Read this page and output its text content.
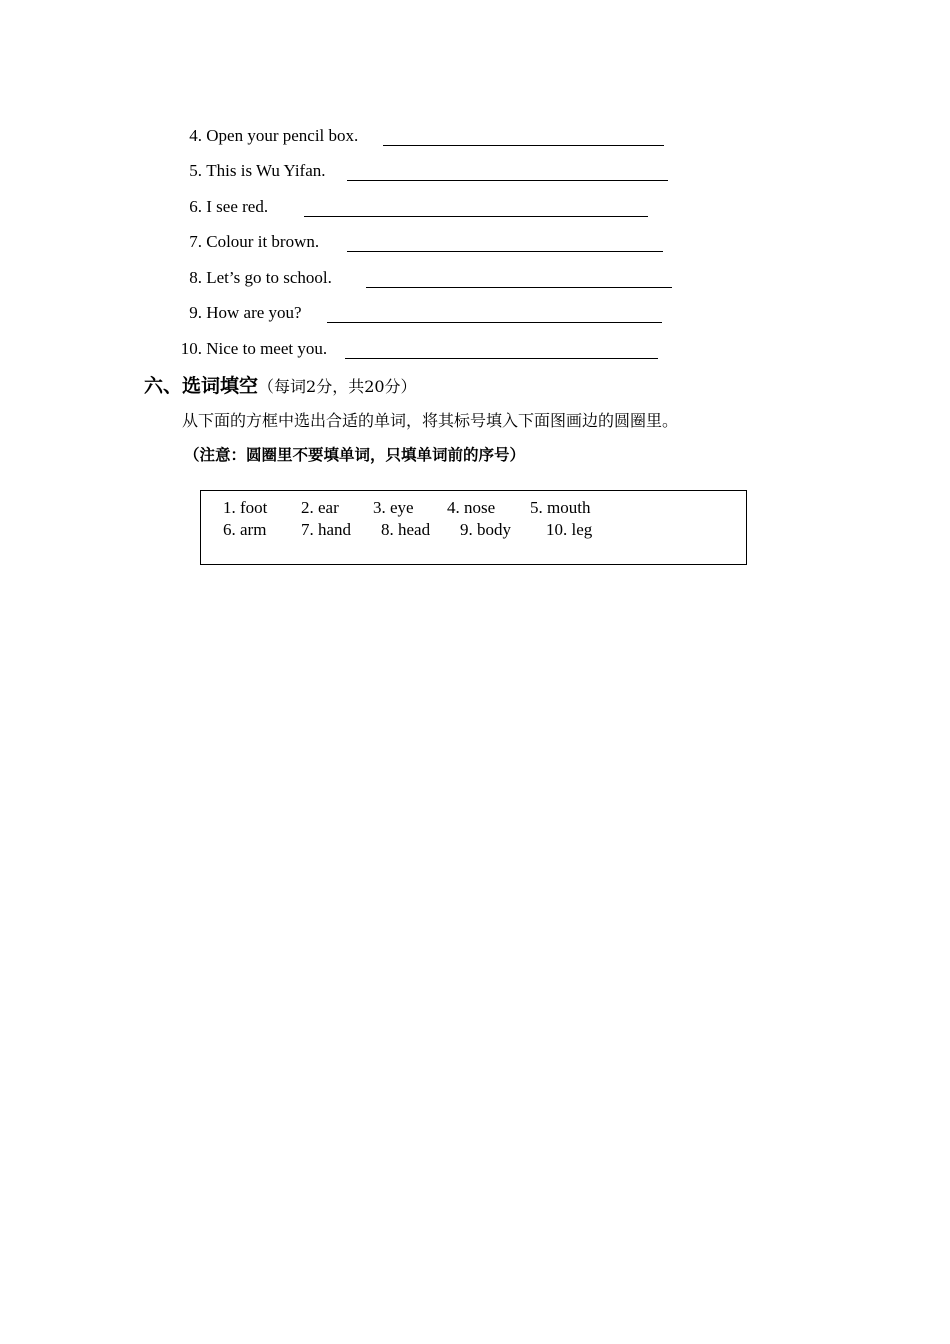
4. Open your pencil box.
5. This is Wu Yifan.
6. I see red.
7. Colour it brown.
8. Let’s go to school.
9. How are you?
10. Nice to meet you.
六、选词填空（每词2分，共20分）
从下面的方框中选出合适的单词，将其标号填入下面图画边的圆圈里。
（注意：圆圈里不要填单词，只填单词前的序号）
1. foot 2. ear 3. eye 4. nose 5. mouth
6. arm 7. hand 8. head 9. body 10. leg
